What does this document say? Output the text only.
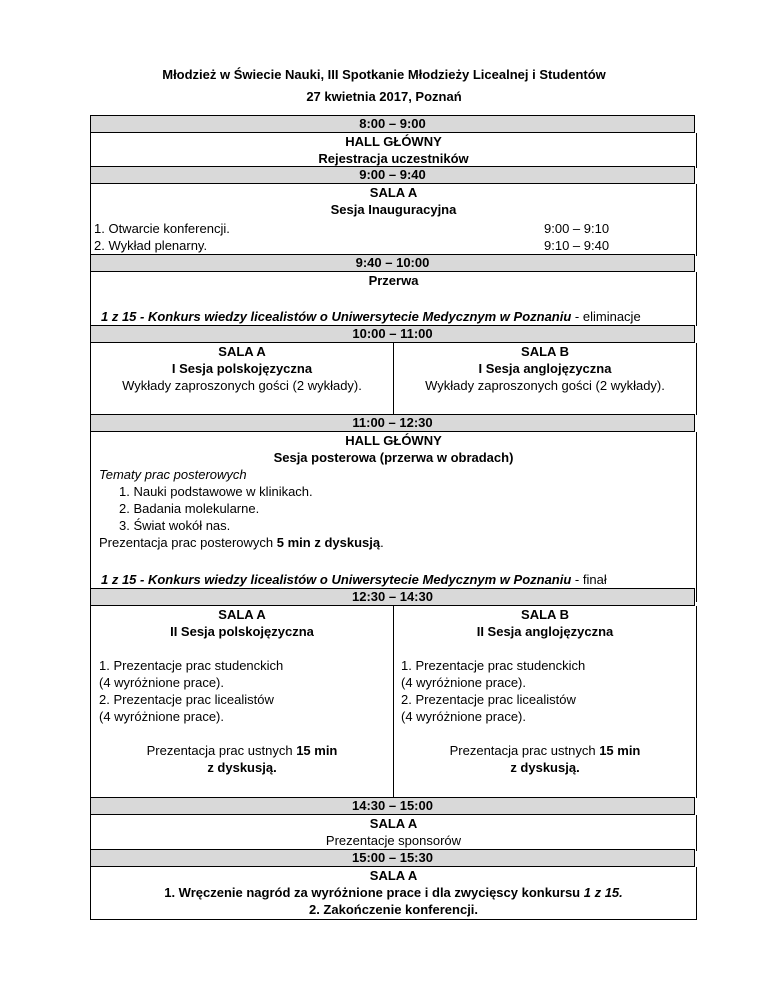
Młodzież w Świecie Nauki, III Spotkanie Młodzieży Licealnej i Studentów
27 kwietnia 2017, Poznań
8:00 – 9:00
HALL GŁÓWNY
Rejestracja uczestników
9:00 – 9:40
SALA A
Sesja Inauguracyjna
1. Otwarcie konferencji.	9:00 – 9:10
2. Wykład plenarny.	9:10 – 9:40
9:40 – 10:00
Przerwa
1 z 15 - Konkurs wiedzy licealistów o Uniwersytecie Medycznym w Poznaniu - eliminacje
10:00 – 11:00
SALA A
I Sesja polskojęzyczna
Wykłady zaproszonych gości (2 wykłady).
SALA B
I Sesja anglojęzyczna
Wykłady zaproszonych gości (2 wykłady).
11:00 – 12:30
HALL GŁÓWNY
Sesja posterowa (przerwa w obradach)
Tematy prac posterowych
1. Nauki podstawowe w klinikach.
2. Badania molekularne.
3. Świat wokół nas.
Prezentacja prac posterowych 5 min z dyskusją.
1 z 15 - Konkurs wiedzy licealistów o Uniwersytecie Medycznym w Poznaniu - finał
12:30 – 14:30
SALA A
II Sesja polskojęzyczna
1. Prezentacje prac studenckich
(4 wyróżnione prace).
2. Prezentacje prac licealistów
(4 wyróżnione prace).
Prezentacja prac ustnych 15 min
z dyskusją.
SALA B
II Sesja anglojęzyczna
1. Prezentacje prac studenckich
(4 wyróżnione prace).
2. Prezentacje prac licealistów
(4 wyróżnione prace).
Prezentacja prac ustnych 15 min
z dyskusją.
14:30 – 15:00
SALA A
Prezentacje sponsorów
15:00 – 15:30
SALA A
1. Wręczenie nagród za wyróżnione prace i dla zwycięscy konkursu 1 z 15.
2. Zakończenie konferencji.
